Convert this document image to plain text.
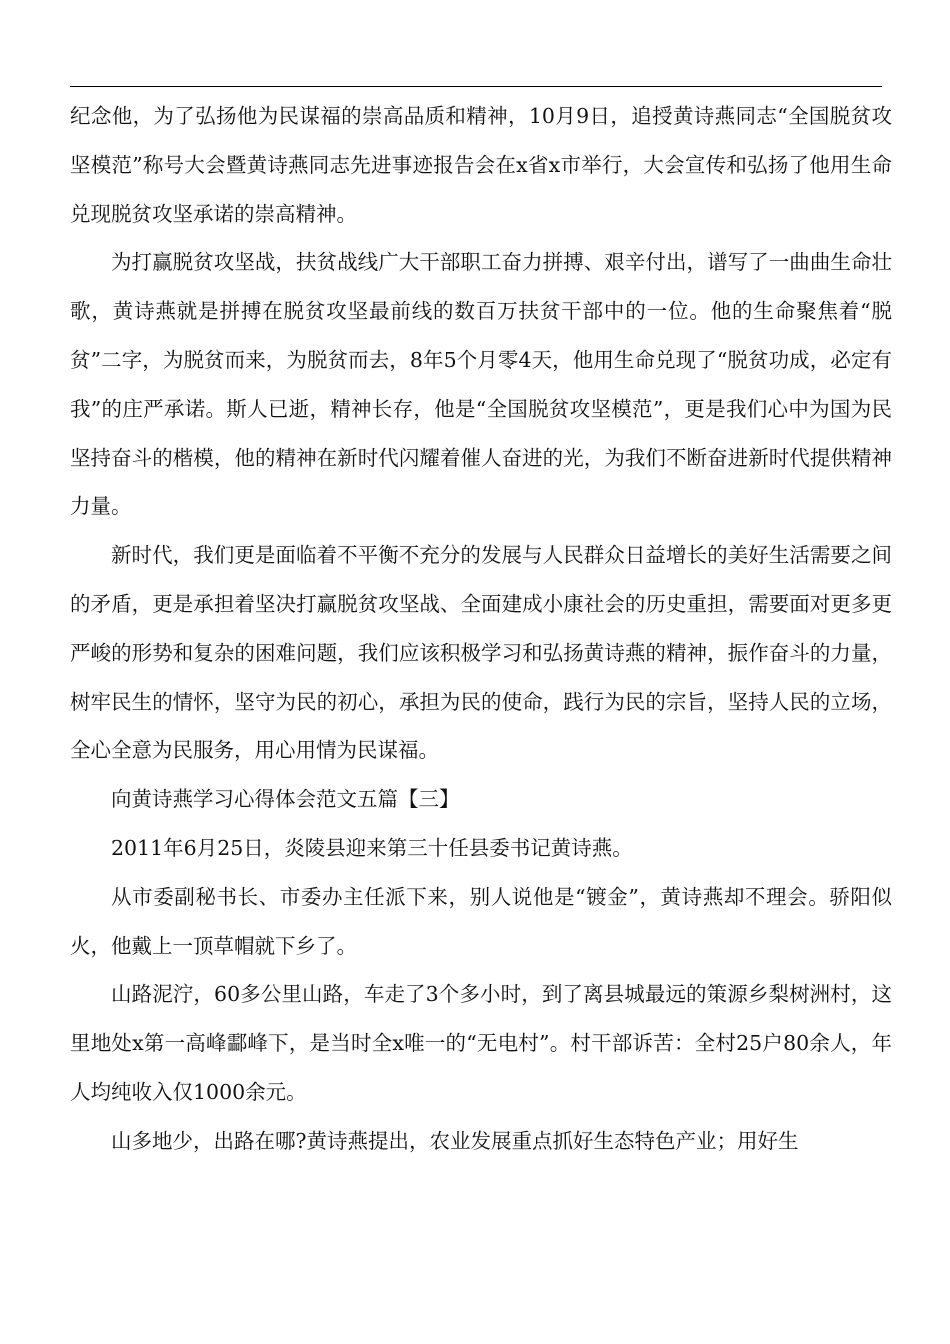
纪念他，为了弘扬他为民谋福的崇高品质和精神，10月9日，追授黄诗燕同志“全国脱贫攻坚模范”称号大会暨黄诗燕同志先进事迹报告会在x省x市举行，大会宣传和弘扬了他用生命兑现脱贫攻坚承诺的崇高精神。

为打赢脱贫攻坚战，扶贫战线广大干部职工奋力拼搏、艰辛付出，谱写了一曲曲生命壮歌，黄诗燕就是拼搏在脱贫攻坚最前线的数百万扶贫干部中的一位。他的生命聚焦着“脱贫”二字，为脱贫而来，为脱贫而去，8年5个月零4天，他用生命兑现了“脱贫功成，必定有我”的庄严承诺。斯人已逝，精神长存，他是“全国脱贫攻坚模范”，更是我们心中为国为民坚持奋斗的楷模，他的精神在新时代闪耀着催人奋进的光，为我们不断奋进新时代提供精神力量。

新时代，我们更是面临着不平衡不充分的发展与人民群众日益增长的美好生活需要之间的矛盾，更是承担着坚决打赢脱贫攻坚战、全面建成小康社会的历史重担，需要面对更多更严峻的形势和复杂的困难问题，我们应该积极学习和弘扬黄诗燕的精神，振作奋斗的力量，树牢民生的情怀，坚守为民的初心，承担为民的使命，践行为民的宗旨，坚持人民的立场，全心全意为民服务，用心用情为民谋福。

向黄诗燕学习心得体会范文五篇【三】

2011年6月25日，炎陵县迎来第三十任县委书记黄诗燕。

从市委副秘书长、市委办主任派下来，别人说他是“镀金”，黄诗燕却不理会。骄阳似火，他戴上一顶草帽就下乡了。

山路泥泞，60多公里山路，车走了3个多小时，到了离县城最远的策源乡梨树洲村，这里地处x第一高峰酃峰下，是当时全x唯一的“无电村”。村干部诉苦：全村25户80余人，年人均纯收入仅1000余元。

山多地少，出路在哪?黄诗燕提出，农业发展重点抓好生态特色产业；用好生
